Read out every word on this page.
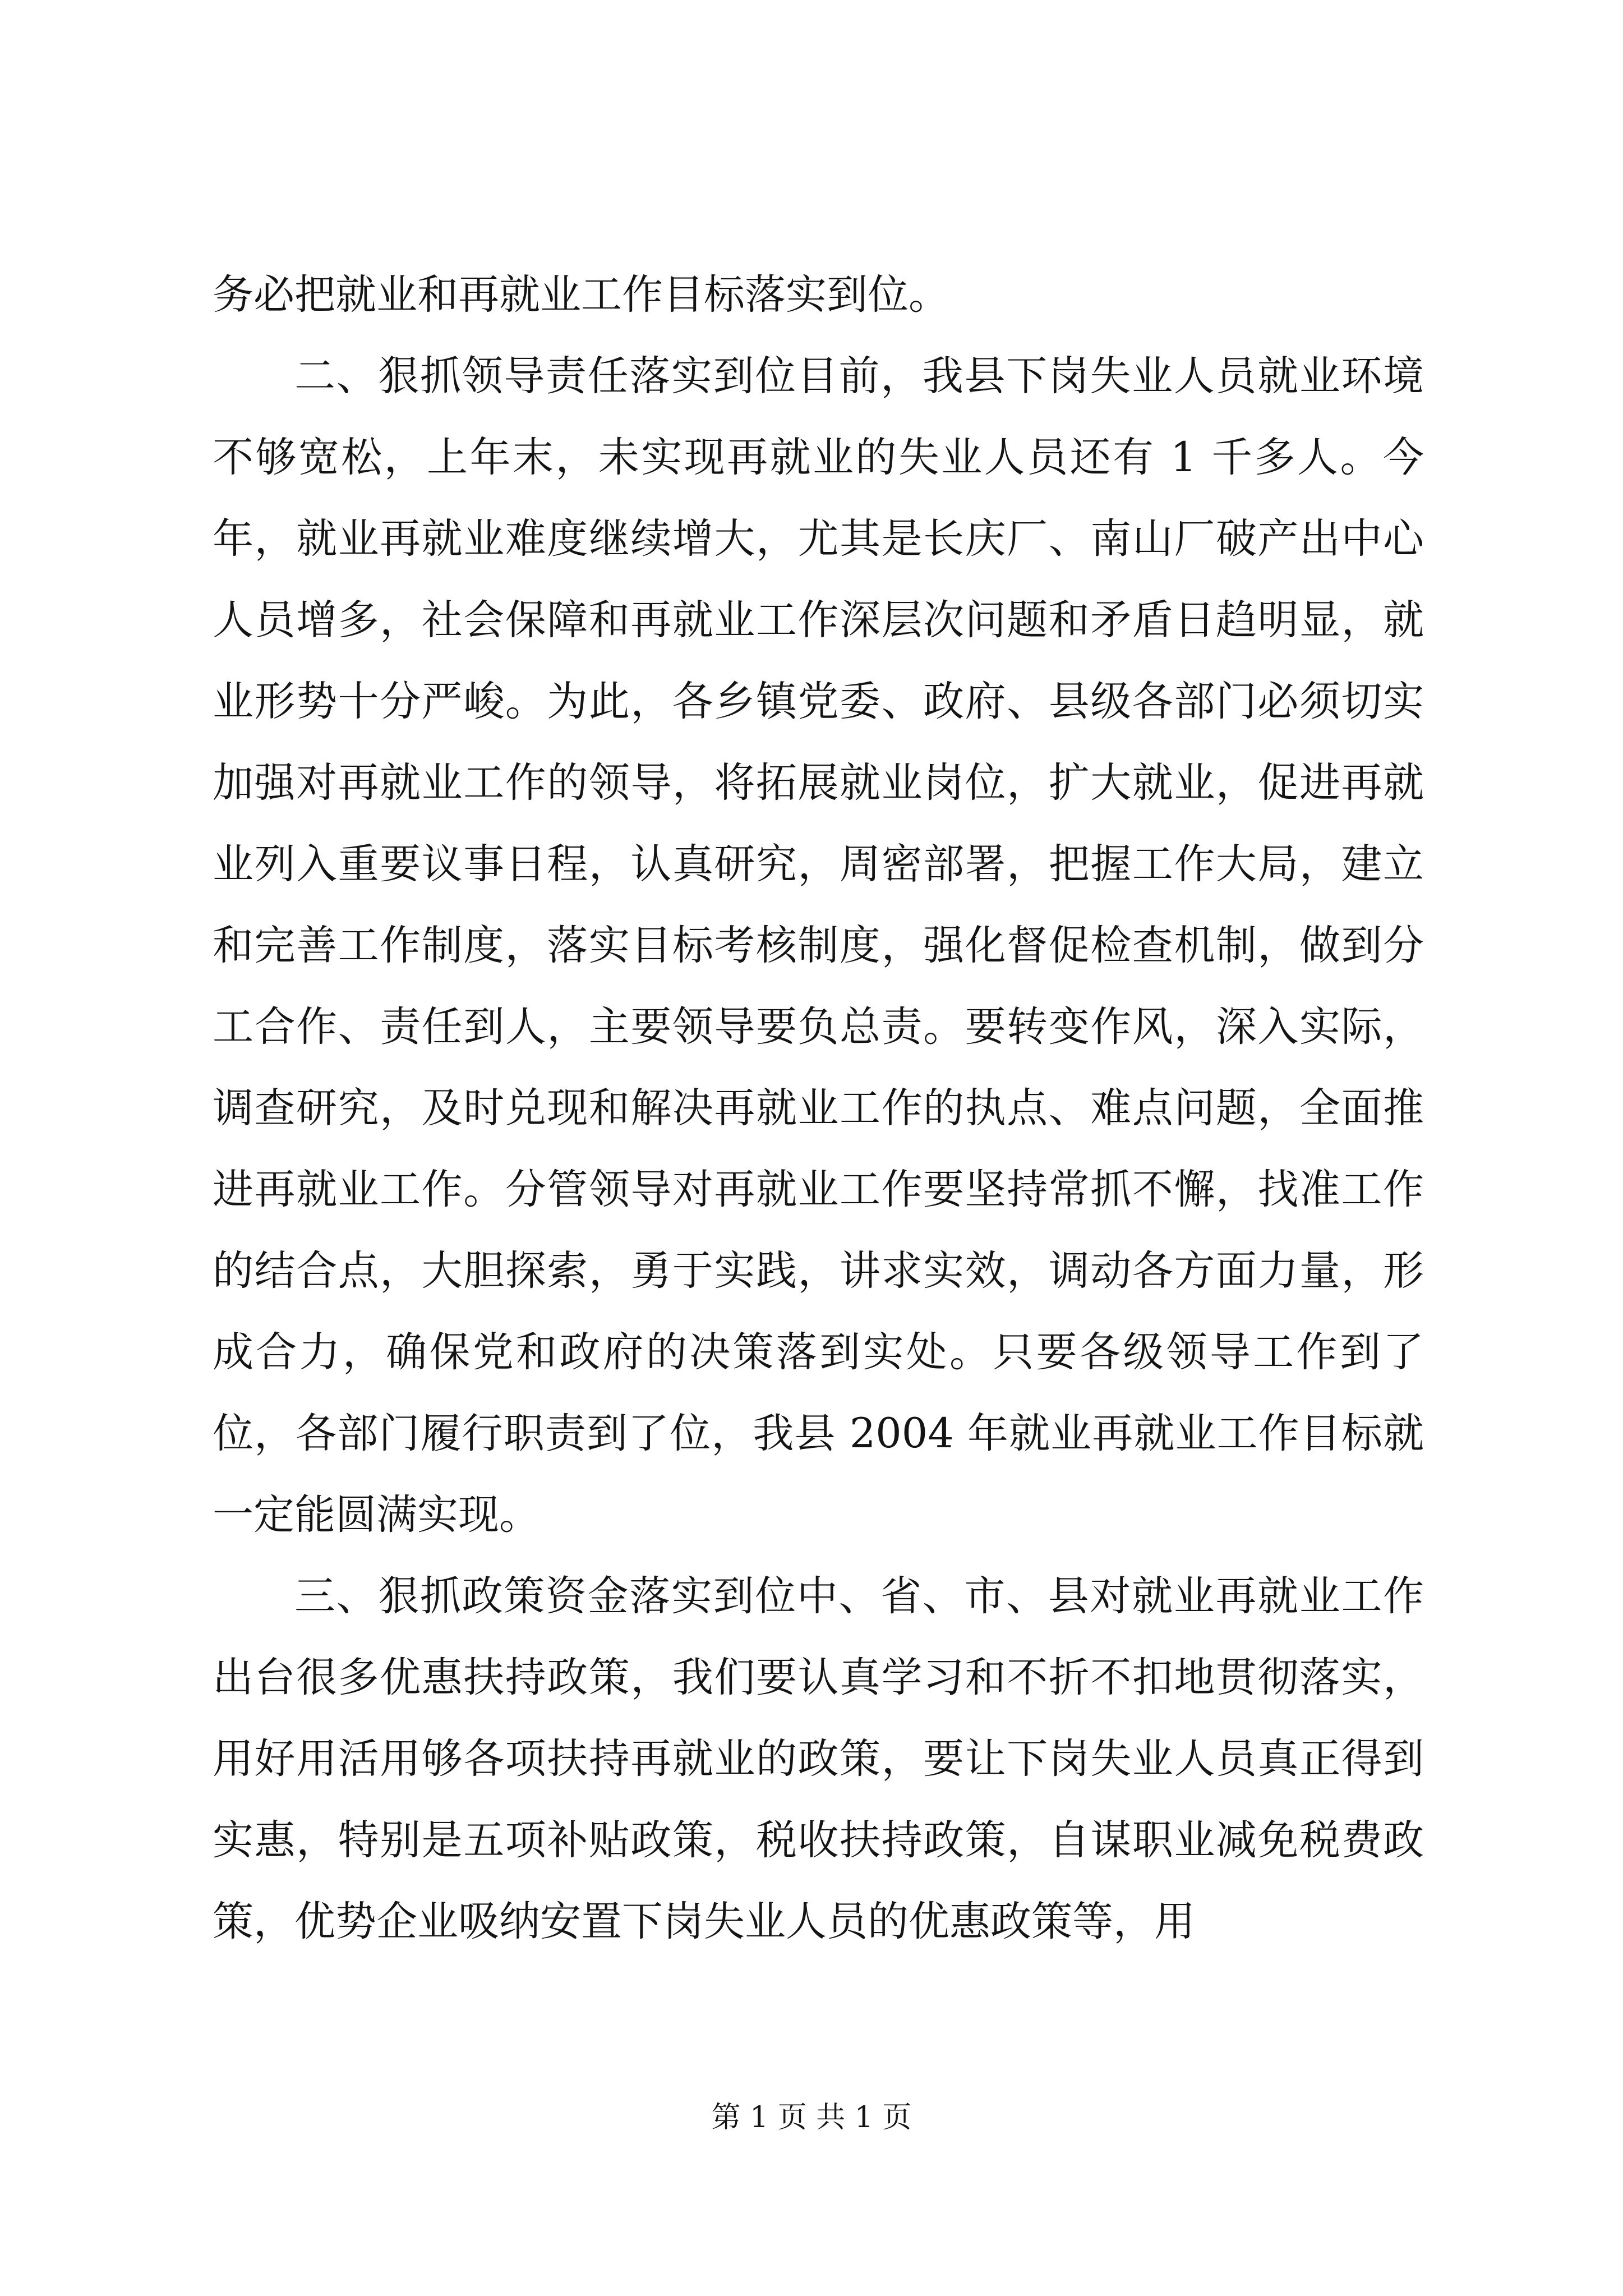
务必把就业和再就业工作目标落实到位。

二、狠抓领导责任落实到位目前，我县下岗失业人员就业环境不够宽松，上年末，未实现再就业的失业人员还有 1 千多人。今年，就业再就业难度继续增大，尤其是长庆厂、南山厂破产出中心人员增多，社会保障和再就业工作深层次问题和矛盾日趋明显，就业形势十分严峻。为此，各乡镇党委、政府、县级各部门必须切实加强对再就业工作的领导，将拓展就业岗位，扩大就业，促进再就业列入重要议事日程，认真研究，周密部署，把握工作大局，建立和完善工作制度，落实目标考核制度，强化督促检查机制，做到分工合作、责任到人，主要领导要负总责。要转变作风，深入实际，调查研究，及时兑现和解决再就业工作的执点、难点问题，全面推进再就业工作。分管领导对再就业工作要坚持常抓不懈，找准工作的结合点，大胆探索，勇于实践，讲求实效，调动各方面力量，形成合力，确保党和政府的决策落到实处。只要各级领导工作到了位，各部门履行职责到了位，我县 2004 年就业再就业工作目标就一定能圆满实现。

三、狠抓政策资金落实到位中、省、市、县对就业再就业工作出台很多优惠扶持政策，我们要认真学习和不折不扣地贯彻落实，用好用活用够各项扶持再就业的政策，要让下岗失业人员真正得到实惠，特别是五项补贴政策，税收扶持政策，自谋职业减免税费政策，优势企业吸纳安置下岗失业人员的优惠政策等，用

第 1 页 共 1 页
